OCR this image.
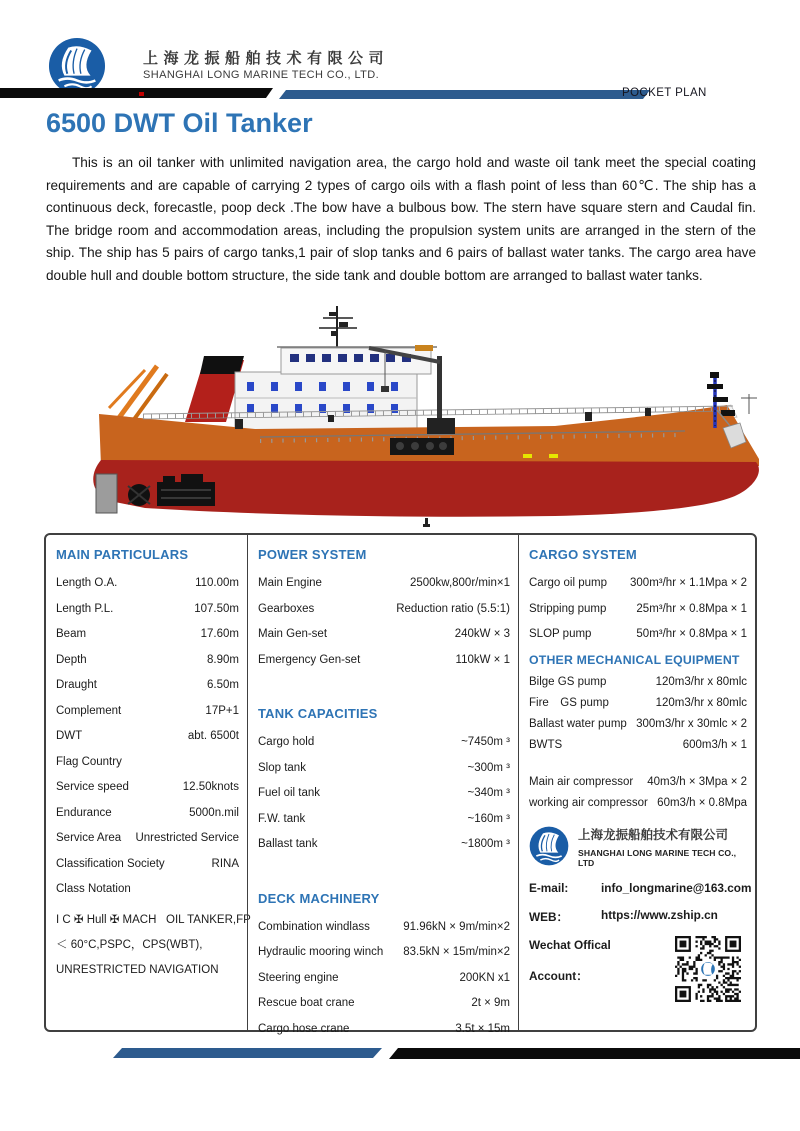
上海龙振船舶技术有限公司
SHANGHAI LONG MARINE TECH CO., LTD.
POCKET PLAN
6500 DWT Oil Tanker
This is an oil tanker with unlimited navigation area, the cargo hold and waste oil tank meet the special coating requirements and are capable of carrying 2 types of cargo oils with a flash point of less than 60℃. The ship has a continuous deck, forecastle, poop deck .The bow have a bulbous bow. The stern have square stern and Caudal fin. The bridge room and accommodation areas, including the propulsion system units are arranged in the stern of the ship. The ship has 5 pairs of cargo tanks,1 pair of slop tanks and 6 pairs of ballast water tanks. The cargo area have double hull and double bottom structure, the side tank and double bottom are arranged to ballast water tanks.
MAIN PARTICULARS
Length O.A.	110.00m
Length P.L.	107.50m
Beam	17.60m
Depth	8.90m
Draught	6.50m
Complement	17P+1
DWT	abt. 6500t
Flag Country
Service speed	12.50knots
Endurance	5000n.mil
Service Area Unrestricted Service
Classification Society	RINA
Class Notation
I C ✠ Hull ✠ MACH   OIL TANKER,FP
＜ 60°C,PSPC，CPS(WBT),
UNRESTRICTED NAVIGATION
POWER SYSTEM
Main Engine	2500kw,800r/min×1
Gearboxes	Reduction ratio (5.5:1)
Main Gen-set	240kW × 3
Emergency Gen-set	110kW × 1
TANK CAPACITIES
Cargo hold	~7450m ³
Slop tank	~300m ³
Fuel oil tank	~340m ³
F.W. tank	~160m ³
Ballast tank	~1800m ³
DECK MACHINERY
Combination windlass	91.96kN × 9m/min×2
Hydraulic mooring winch 83.5kN × 15m/min×2
Steering engine	200KN x1
Rescue boat crane	2t × 9m
Cargo hose crane	3.5t × 15m
CARGO SYSTEM
Cargo oil pump 300m³/hr × 1.1Mpa × 2
Stripping pump	25m³/hr × 0.8Mpa × 1
SLOP pump	50m³/hr × 0.8Mpa × 1
OTHER MECHANICAL EQUIPMENT
Bilge GS pump	120m3/hr x 80mlc
Fire　GS pump	120m3/hr x 80mlc
Ballast water pump 300m3/hr x 30mlc × 2
BWTS	600m3/h × 1
Main air compressor 40m3/h × 3Mpa × 2
working air compressor 60m3/h × 0.8Mpa
上海龙振船舶技术有限公司
SHANGHAI LONG MARINE TECH CO., LTD
E-mail:	info_longmarine@163.com
WEB：	https://www.zship.cn
Wechat Offical
Account：
